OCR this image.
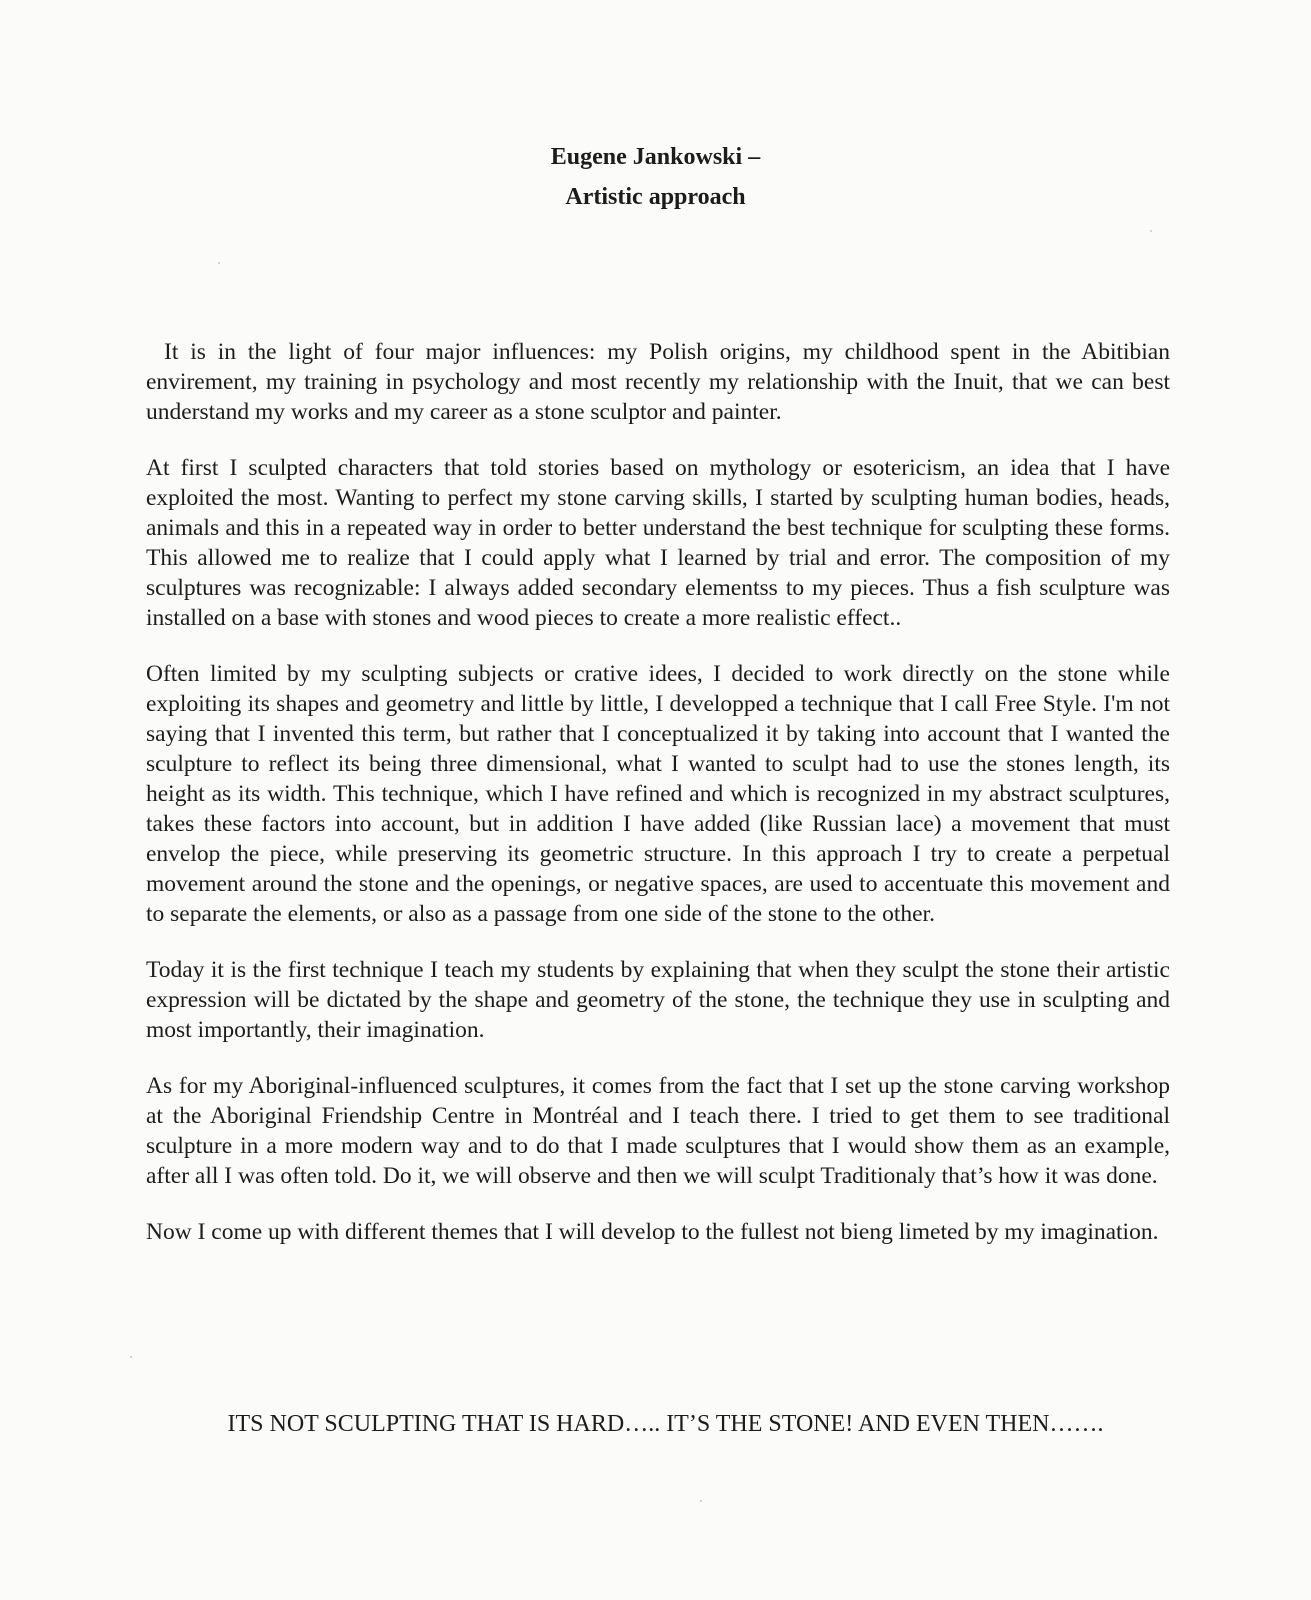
Eugene Jankowski –
Artistic approach

It is in the light of four major influences: my Polish origins, my childhood spent in the Abitibian envirement, my training in psychology and most recently my relationship with the Inuit, that we can best understand my works and my career as a stone sculptor and painter.

At first I sculpted characters that told stories based on mythology or esotericism, an idea that I have exploited the most. Wanting to perfect my stone carving skills, I started by sculpting human bodies, heads, animals and this in a repeated way in order to better understand the best technique for sculpting these forms. This allowed me to realize that I could apply what I learned by trial and error. The composition of my sculptures was recognizable: I always added secondary elementss to my pieces. Thus a fish sculpture was installed on a base with stones and wood pieces to create a more realistic effect..

Often limited by my sculpting subjects or crative idees, I decided to work directly on the stone while exploiting its shapes and geometry and little by little, I developped a technique that I call Free Style. I'm not saying that I invented this term, but rather that I conceptualized it by taking into account that I wanted the sculpture to reflect its being three dimensional, what I wanted to sculpt had to use the stones length, its height as its width. This technique, which I have refined and which is recognized in my abstract sculptures, takes these factors into account, but in addition I have added (like Russian lace) a movement that must envelop the piece, while preserving its geometric structure. In this approach I try to create a perpetual movement around the stone and the openings, or negative spaces, are used to accentuate this movement and to separate the elements, or also as a passage from one side of the stone to the other.

Today it is the first technique I teach my students by explaining that when they sculpt the stone their artistic expression will be dictated by the shape and geometry of the stone, the technique they use in sculpting and most importantly, their imagination.

As for my Aboriginal-influenced sculptures, it comes from the fact that I set up the stone carving workshop at the Aboriginal Friendship Centre in Montréal and I teach there. I tried to get them to see traditional sculpture in a more modern way and to do that I made sculptures that I would show them as an example, after all I was often told. Do it, we will observe and then we will sculpt Traditionaly that’s how it was done.

Now I come up with different themes that I will develop to the fullest not bieng limeted by my imagination.

ITS NOT SCULPTING THAT IS HARD….. IT’S THE STONE! AND EVEN THEN…….
